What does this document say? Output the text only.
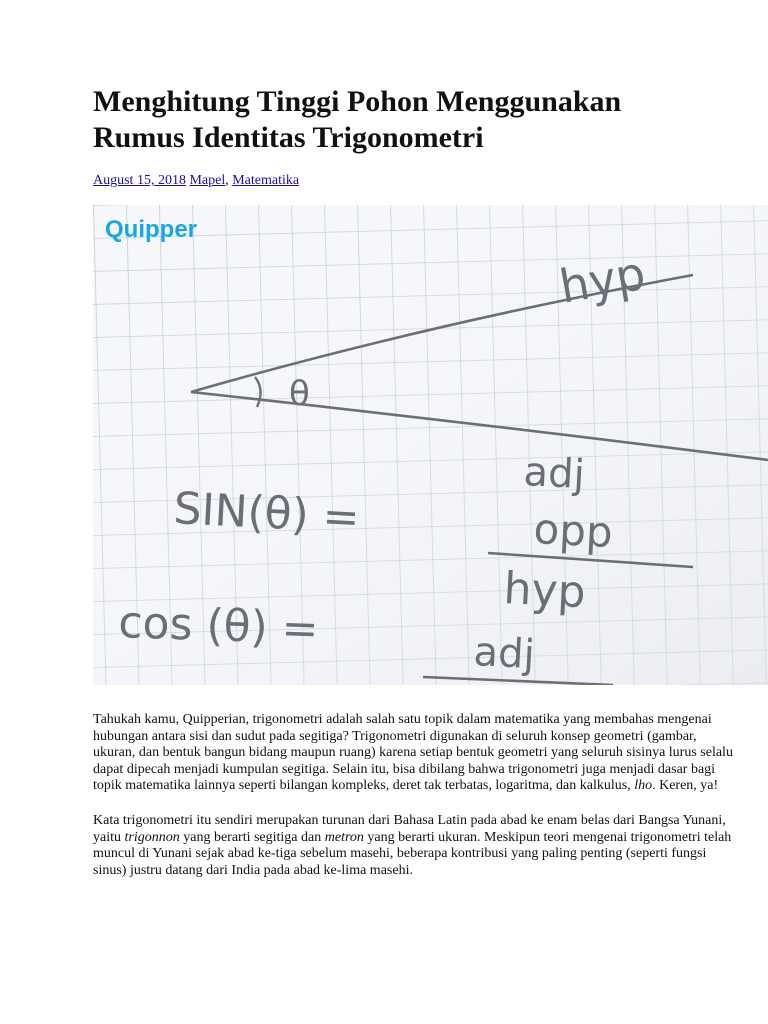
Menghitung Tinggi Pohon Menggunakan Rumus Identitas Trigonometri
August 15, 2018 Mapel, Matematika
Quipper
hyp
θ
adj
SIN(θ) =	opp
hyp
cos (θ) =	adj

Tahukah kamu, Quipperian, trigonometri adalah salah satu topik dalam matematika yang membahas mengenai hubungan antara sisi dan sudut pada segitiga? Trigonometri digunakan di seluruh konsep geometri (gambar, ukuran, dan bentuk bangun bidang maupun ruang) karena setiap bentuk geometri yang seluruh sisinya lurus selalu dapat dipecah menjadi kumpulan segitiga. Selain itu, bisa dibilang bahwa trigonometri juga menjadi dasar bagi topik matematika lainnya seperti bilangan kompleks, deret tak terbatas, logaritma, dan kalkulus, lho. Keren, ya!

Kata trigonometri itu sendiri merupakan turunan dari Bahasa Latin pada abad ke enam belas dari Bangsa Yunani, yaitu trigonnon yang berarti segitiga dan metron yang berarti ukuran. Meskipun teori mengenai trigonometri telah muncul di Yunani sejak abad ke-tiga sebelum masehi, beberapa kontribusi yang paling penting (seperti fungsi sinus) justru datang dari India pada abad ke-lima masehi.
